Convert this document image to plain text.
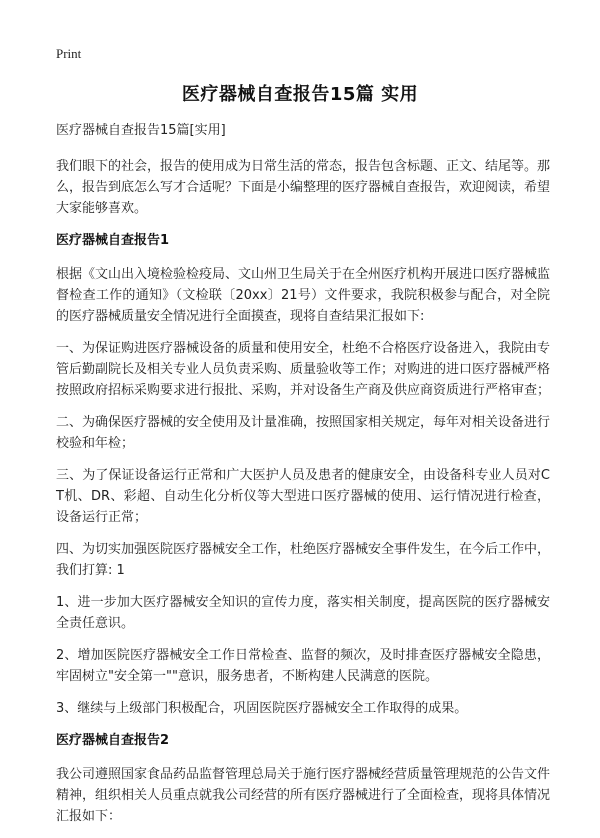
Print
医疗器械自查报告15篇 实用

医疗器械自查报告15篇[实用]

我们眼下的社会，报告的使用成为日常生活的常态，报告包含标题、正文、结尾等。那么，报告到底怎么写才合适呢？下面是小编整理的医疗器械自查报告，欢迎阅读，希望大家能够喜欢。

医疗器械自查报告1

根据《文山出入境检验检疫局、文山州卫生局关于在全州医疗机构开展进口医疗器械监督检查工作的通知》（文检联〔20xx〕21号）文件要求，我院积极参与配合，对全院的医疗器械质量安全情况进行全面摸查，现将自查结果汇报如下:

一、为保证购进医疗器械设备的质量和使用安全，杜绝不合格医疗设备进入，我院由专管后勤副院长及相关专业人员负责采购、质量验收等工作；对购进的进口医疗器械严格按照政府招标采购要求进行报批、采购，并对设备生产商及供应商资质进行严格审查；

二、为确保医疗器械的安全使用及计量准确，按照国家相关规定，每年对相关设备进行校验和年检；

三、为了保证设备运行正常和广大医护人员及患者的健康安全，由设备科专业人员对CT机、DR、彩超、自动生化分析仪等大型进口医疗器械的使用、运行情况进行检查，设备运行正常；

四、为切实加强医院医疗器械安全工作，杜绝医疗器械安全事件发生，在今后工作中，我们打算: 1

1、进一步加大医疗器械安全知识的宣传力度，落实相关制度，提高医院的医疗器械安全责任意识。

2、增加医院医疗器械安全工作日常检查、监督的频次，及时排查医疗器械安全隐患，牢固树立"安全第一""意识，服务患者，不断构建人民满意的医院。

3、继续与上级部门积极配合，巩固医院医疗器械安全工作取得的成果。

医疗器械自查报告2

我公司遵照国家食品药品监督管理总局关于施行医疗器械经营质量管理规范的公告文件精神，组织相关人员重点就我公司经营的所有医疗器械进行了全面检查，现将具体情况汇报如下：
